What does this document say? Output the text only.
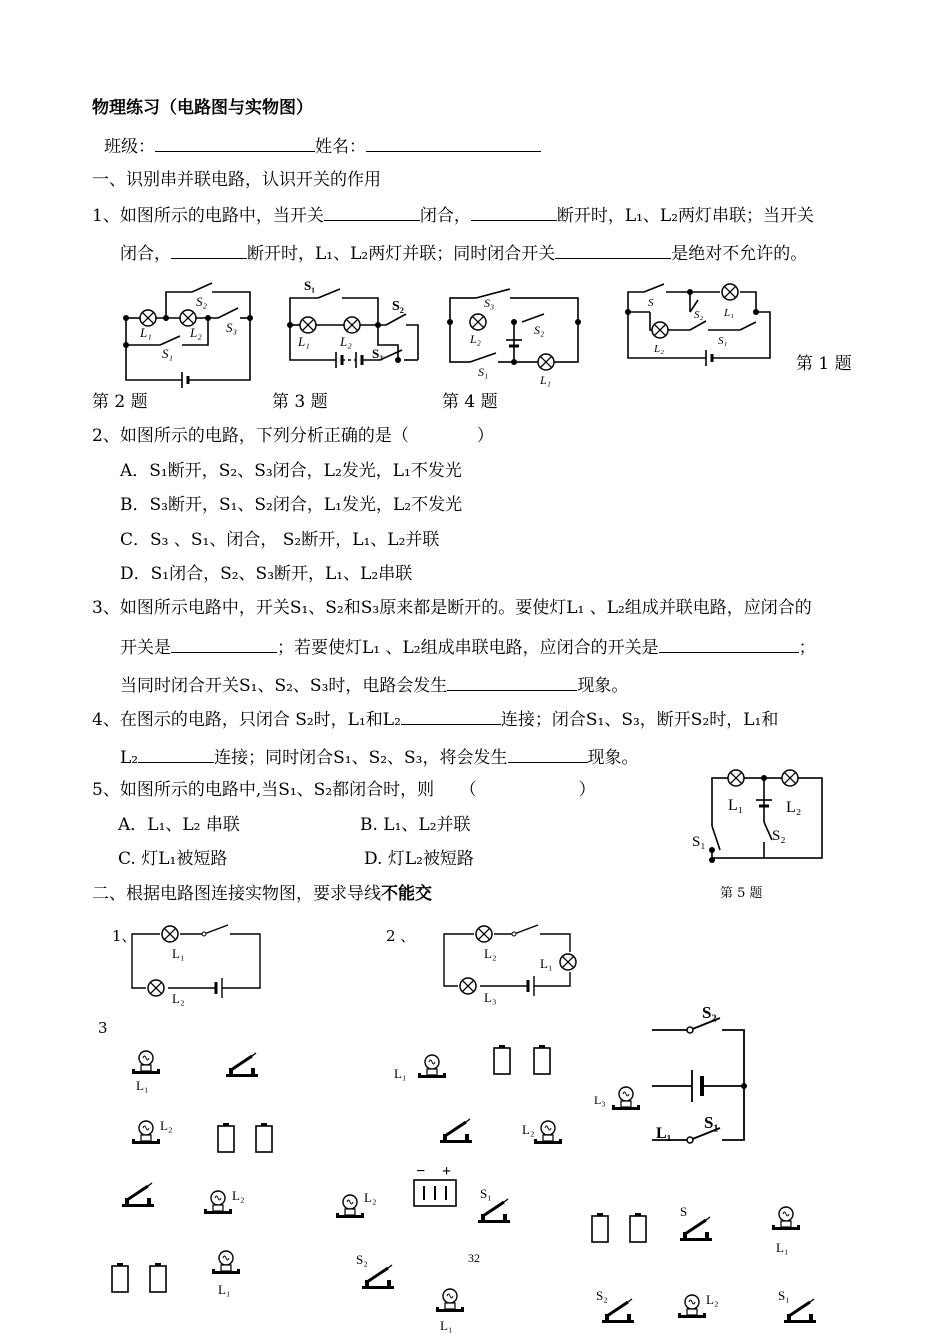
物理练习（电路图与实物图）
班级：	姓名：
一、识别串并联电路，认识开关的作用
1、如图所示的电路中，当开关	闭合，	断开时，L₁、L₂两灯串联；当开关
闭合，	断开时，L₁、L₂两灯并联；同时闭合开关	是绝对不允许的。
S₂
S₃
L₁	L₂
S₁
S₁
S₂
S₃
L₁ L₂
S₃
S₂
L₂
S₁
L₁
S
S₂ L₁
L₂
S₁
L₁	L₂
S₁	S₂
L₁
L₂
L₂
L₁
L₃
S₂
S₁
L₁
L₃
第 2 题	第 3 题	第 4 题
第 1 题
2、如图所示的电路，下列分析正确的是（　　　　）
A．S₁断开，S₂、S₃闭合，L₂发光，L₁不发光
B．S₃断开，S₁、S₂闭合，L₁发光，L₂不发光
C．S₃ 、S₁、闭合， S₂断开，L₁、L₂并联
D．S₁闭合，S₂、S₃断开，L₁、L₂串联
3、如图所示电路中，开关S₁、S₂和S₃原来都是断开的。要使灯L₁ 、L₂组成并联电路，应闭合的
开关是	；若要使灯L₁ 、L₂组成串联电路，应闭合的开关是	；
当同时闭合开关S₁、S₂、S₃时，电路会发生	现象。
4、在图示的电路，只闭合 S₂时，L₁和L₂	连接；闭合S₁、S₃，断开S₂时，L₁和
L₂	连接；同时闭合S₁、S₂、S₃，将会发生	现象。
5、如图所示的电路中,当S₁、S₂都闭合时，则　　（　　　　　　）
A．L₁、L₂ 串联	B. L₁、L₂并联
C. 灯L₁被短路	D. 灯L₂被短路
第 5 题
二、根据电路图连接实物图，要求导线不能交
1、	2 、
3
L₁
L₂
L₂
L₁
L₁
L₂
L₂
− +
S₁
S₂
L₁
S
L₁
S₂	L₂	S₁
32
